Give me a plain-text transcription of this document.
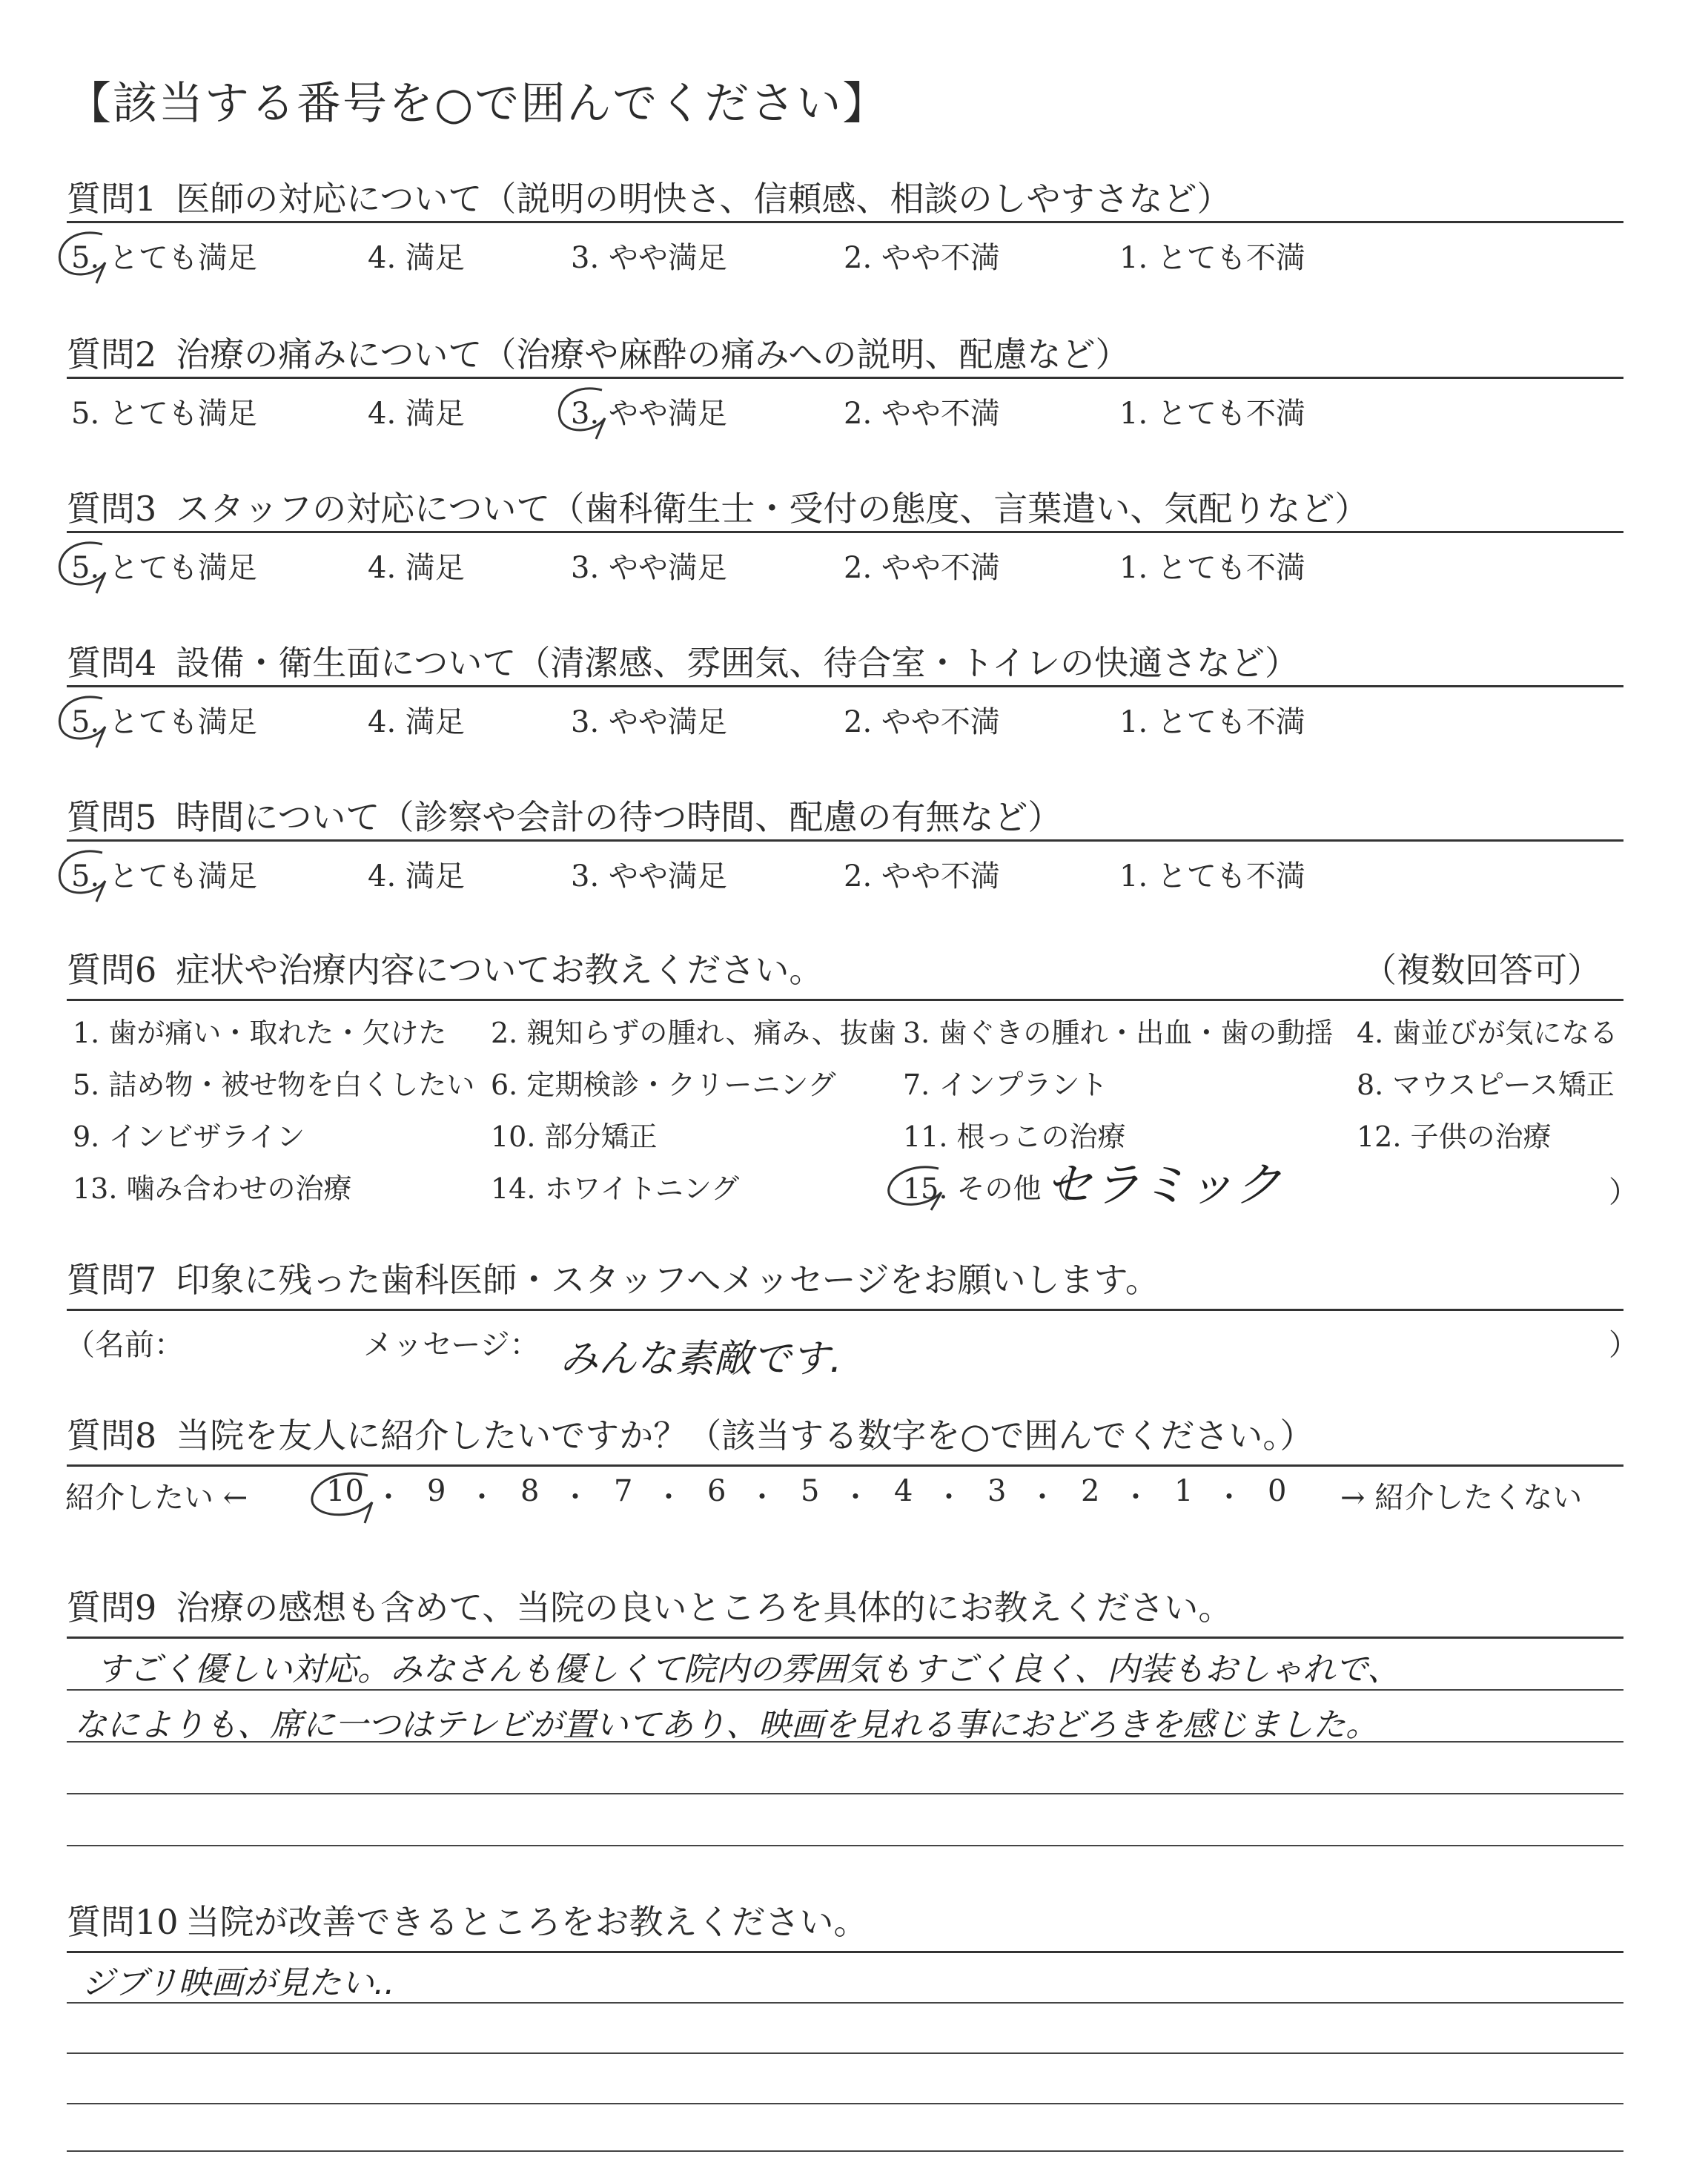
【該当する番号を○で囲んでください】
質問1 医師の対応について（説明の明快さ、信頼感、相談のしやすさなど）
5. とても満足	4. 満足	3. やや満足	2. やや不満	1. とても不満
質問2 治療の痛みについて（治療や麻酔の痛みへの説明、配慮など）
5. とても満足	4. 満足	3. やや満足	2. やや不満	1. とても不満
質問3 スタッフの対応について（歯科衛生士・受付の態度、言葉遣い、気配りなど）
5. とても満足	4. 満足	3. やや満足	2. やや不満	1. とても不満
質問4 設備・衛生面について（清潔感、雰囲気、待合室・トイレの快適さなど）
5. とても満足	4. 満足	3. やや満足	2. やや不満	1. とても不満
質問5 時間について（診察や会計の待つ時間、配慮の有無など）
5. とても満足	4. 満足	3. やや満足	2. やや不満	1. とても不満
質問6 症状や治療内容についてお教えください。	（複数回答可）
1. 歯が痛い・取れた・欠けた 2. 親知らずの腫れ、痛み、抜歯 3. 歯ぐきの腫れ・出血・歯の動揺 4. 歯並びが気になる
5. 詰め物・被せ物を白くしたい 6. 定期検診・クリーニング 7. インプラント	8. マウスピース矯正
9. インビザライン	10. 部分矯正	11. 根っこの治療	12. 子供の治療
13. 噛み合わせの治療	14. ホワイトニング	15. その他（
セラミック	）
質問7 印象に残った歯科医師・スタッフへメッセージをお願いします。
（名前：	メッセージ： みんな素敵です.	）
質問8 当院を友人に紹介したいですか？（該当する数字を○で囲んでください。）
紹介したい ←	10 ・ 9 ・ 8 ・ 7 ・ 6 ・ 5 ・ 4 ・ 3 ・ 2 ・ 1 ・ 0 → 紹介したくない
質問9 治療の感想も含めて、当院の良いところを具体的にお教えください。
すごく優しい対応。みなさんも優しくて院内の雰囲気もすごく良く、内装もおしゃれで、
なによりも、席に一つはテレビが置いてあり、映画を見れる事におどろきを感じました。
質問10 当院が改善できるところをお教えください。
ジブリ映画が見たい..
